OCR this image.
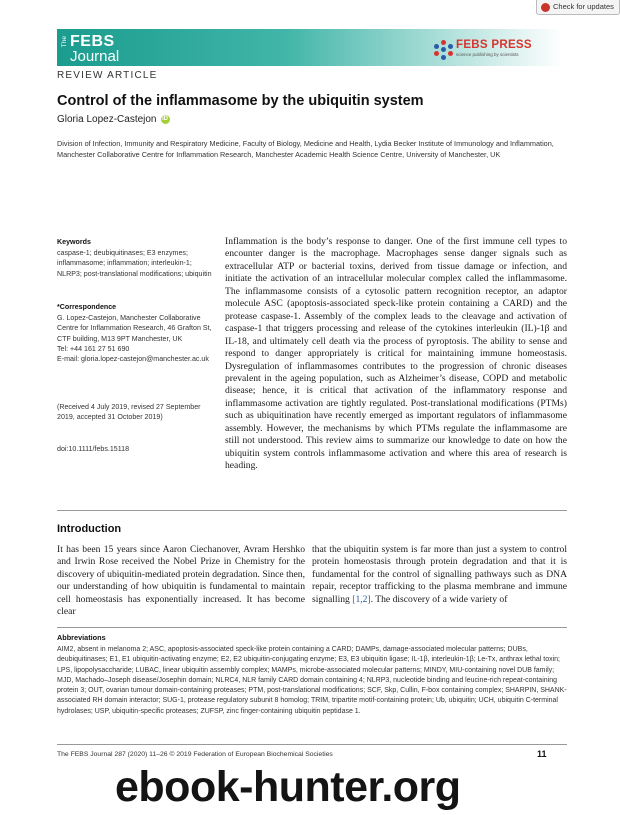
Check for updates
The FEBS
Journal
FEBS PRESS
science publishing by scientists
REVIEW ARTICLE
Control of the inflammasome by the ubiquitin system
Gloria Lopez-Castejon iD
Division of Infection, Immunity and Respiratory Medicine, Faculty of Biology, Medicine and Health, Lydia Becker Institute of Immunology and Inflammation, Manchester Collaborative Centre for Inflammation Research, Manchester Academic Health Science Centre, University of Manchester, UK
Keywords
caspase-1; deubiquitinases; E3 enzymes; inflammasome; inflammation; interleukin-1; NLRP3; post-translational modifications; ubiquitin
*Correspondence
G. Lopez-Castejon, Manchester Collaborative Centre for Inflammation Research, 46 Grafton St, CTF building, M13 9PT Manchester, UK
Tel: +44 161 27 51 690
E-mail: gloria.lopez-castejon@manchester.ac.uk
(Received 4 July 2019, revised 27 September 2019, accepted 31 October 2019)
doi:10.1111/febs.15118
Inflammation is the body’s response to danger. One of the first immune cell types to encounter danger is the macrophage. Macrophages sense danger signals such as extracellular ATP or bacterial toxins, derived from tissue damage or infection, and initiate the activation of an intracellular molecular complex called the inflammasome. The inflammasome consists of a cytosolic pattern recognition receptor, an adaptor molecule ASC (apoptosis-associated speck-like protein containing a CARD) and the protease caspase-1. Assembly of the complex leads to the cleavage and activation of caspase-1 that triggers processing and release of the cytokines interleukin (IL)-1β and IL-18, and ultimately cell death via the process of pyroptosis. The ability to sense and respond to danger appropriately is critical for maintaining immune homeostasis. Dysregulation of inflammasomes contributes to the progression of chronic diseases prevalent in the ageing population, such as Alzheimer’s disease, COPD and metabolic disease; hence, it is critical that activation of the inflammatory response and inflammasome activation are tightly regulated. Post-translational modifications (PTMs) such as ubiquitination have recently emerged as important regulators of inflammasome assembly. However, the mechanisms by which PTMs regulate the inflammasome are still not understood. This review aims to summarize our knowledge to date on how the ubiquitin system controls inflammasome activation and where this area of research is heading.
Introduction
It has been 15 years since Aaron Ciechanover, Avram Hershko and Irwin Rose received the Nobel Prize in Chemistry for the discovery of ubiquitin-mediated protein degradation. Since then, our understanding of how ubiquitin is fundamental to maintain cell homeostasis has exponentially increased. It has become clear
that the ubiquitin system is far more than just a system to control protein homeostasis through protein degradation and that it is fundamental for the control of signalling pathways such as DNA repair, receptor trafficking to the plasma membrane and immune signalling [1,2]. The discovery of a wide variety of
Abbreviations
AIM2, absent in melanoma 2; ASC, apoptosis-associated speck-like protein containing a CARD; DAMPs, damage-associated molecular patterns; DUBs, deubiquitinases; E1, E1 ubiquitin-activating enzyme; E2, E2 ubiquitin-conjugating enzyme; E3, E3 ubiquitin ligase; IL-1β, interleukin-1β; Le-Tx, anthrax lethal toxin; LPS, lipopolysaccharide; LUBAC, linear ubiquitin assembly complex; MAMPs, microbe-associated molecular patterns; MINDY, MIU-containing novel DUB family; MJD, Machado–Joseph disease/Josephin domain; NLRC4, NLR family CARD domain containing 4; NLRP3, nucleotide binding and leucine-rich repeat-containing protein 3; OUT, ovarian tumour domain-containing proteases; PTM, post-translational modifications; SCF, Skp, Cullin, F-box containing complex; SHARPIN, SHANK-associated RH domain interactor; SUG-1, protease regulatory subunit 8 homolog; TRIM, tripartite motif-containing protein; Ub, ubiquitin; UCH, ubiquitin C-terminal hydrolases; USP, ubiquitin-specific proteases; ZUFSP, zinc finger-containing ubiquitin peptidase 1.
The FEBS Journal 287 (2020) 11–26 © 2019 Federation of European Biochemical Societies	11
ebook-hunter.org
